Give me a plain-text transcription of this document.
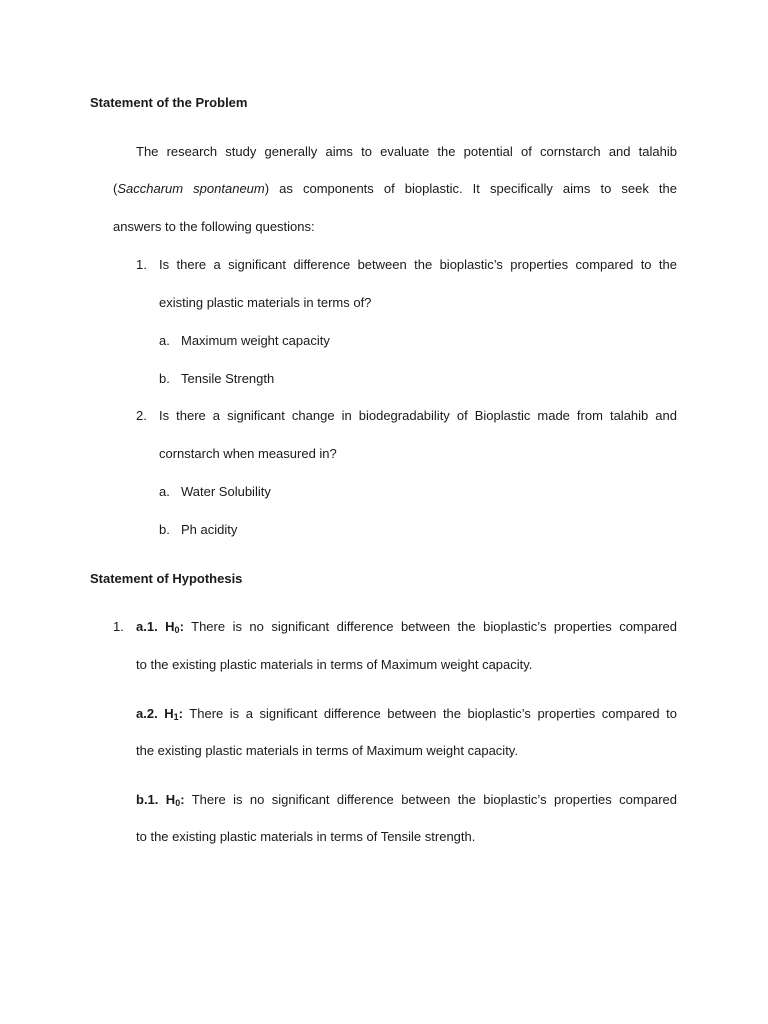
Statement of the Problem
The research study generally aims to evaluate the potential of cornstarch and talahib
(Saccharum spontaneum) as components of bioplastic. It specifically aims to seek the
answers to the following questions:
1. Is there a significant difference between the bioplastic’s properties compared to the
existing plastic materials in terms of?
a. Maximum weight capacity
b. Tensile Strength
2. Is there a significant change in biodegradability of Bioplastic made from talahib and
cornstarch when measured in?
a. Water Solubility
b. Ph acidity
Statement of Hypothesis
1. a.1. $H_0$: There is no significant difference between the bioplastic’s properties compared
to the existing plastic materials in terms of Maximum weight capacity.
a.2. $H_1$: There is a significant difference between the bioplastic’s properties compared to
the existing plastic materials in terms of Maximum weight capacity.
b.1. $H_0$: There is no significant difference between the bioplastic’s properties compared
to the existing plastic materials in terms of Tensile strength.
